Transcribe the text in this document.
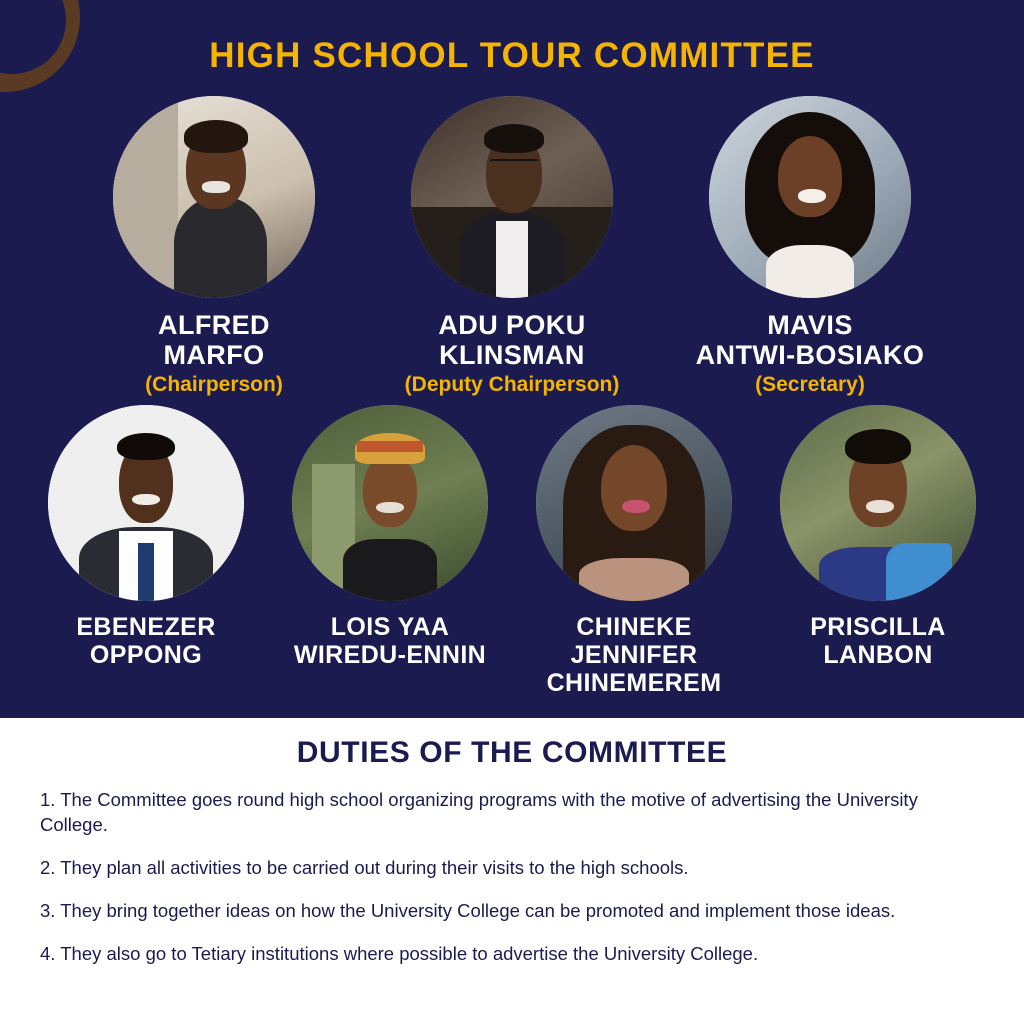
HIGH SCHOOL TOUR COMMITTEE
ALFRED
MARFO
(Chairperson)
ADU POKU
KLINSMAN
(Deputy Chairperson)
MAVIS
ANTWI-BOSIAKO
(Secretary)
EBENEZER
OPPONG
LOIS YAA
WIREDU-ENNIN
CHINEKE JENNIFER
CHINEMEREM
PRISCILLA
LANBON
DUTIES OF THE COMMITTEE
1. The Committee goes round high school organizing programs with the motive of advertising the University College.
2. They plan all activities to be carried out during their visits to the high schools.
3. They bring together ideas on how the University College can be promoted and implement those ideas.
4. They also go to Tetiary institutions where possible to advertise the University College.
